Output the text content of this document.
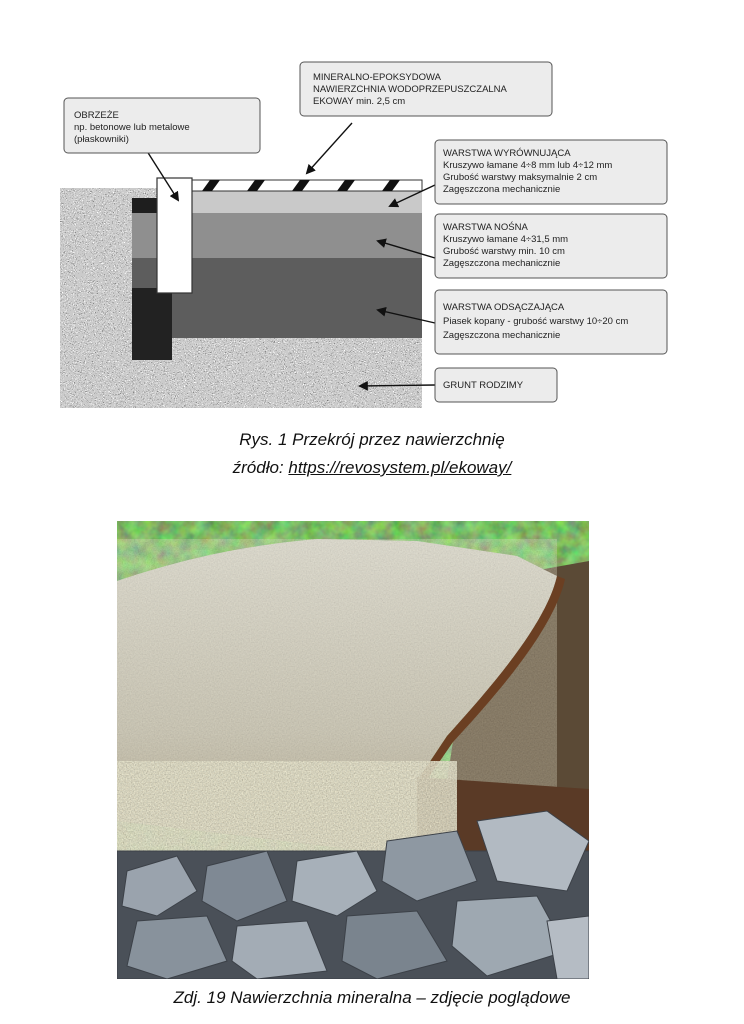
OBRZEŻE
np. betonowe lub metalowe
(płaskowniki)
MINERALNO-EPOKSYDOWA
NAWIERZCHNIA WODOPRZEPUSZCZALNA
EKOWAY min. 2,5 cm
WARSTWA WYRÓWNUJĄCA
Kruszywo łamane 4÷8 mm lub 4÷12 mm
Grubość warstwy maksymalnie 2 cm
Zagęszczona mechanicznie
WARSTWA NOŚNA
Kruszywo łamane 4÷31,5 mm
Grubość warstwy min. 10 cm
Zagęszczona mechanicznie
WARSTWA ODSĄCZAJĄCA
Piasek kopany - grubość warstwy 10÷20 cm
Zagęszczona mechanicznie
GRUNT RODZIMY
Rys. 1 Przekrój przez nawierzchnię
źródło: https://revosystem.pl/ekoway/
Zdj. 19 Nawierzchnia mineralna – zdjęcie poglądowe
